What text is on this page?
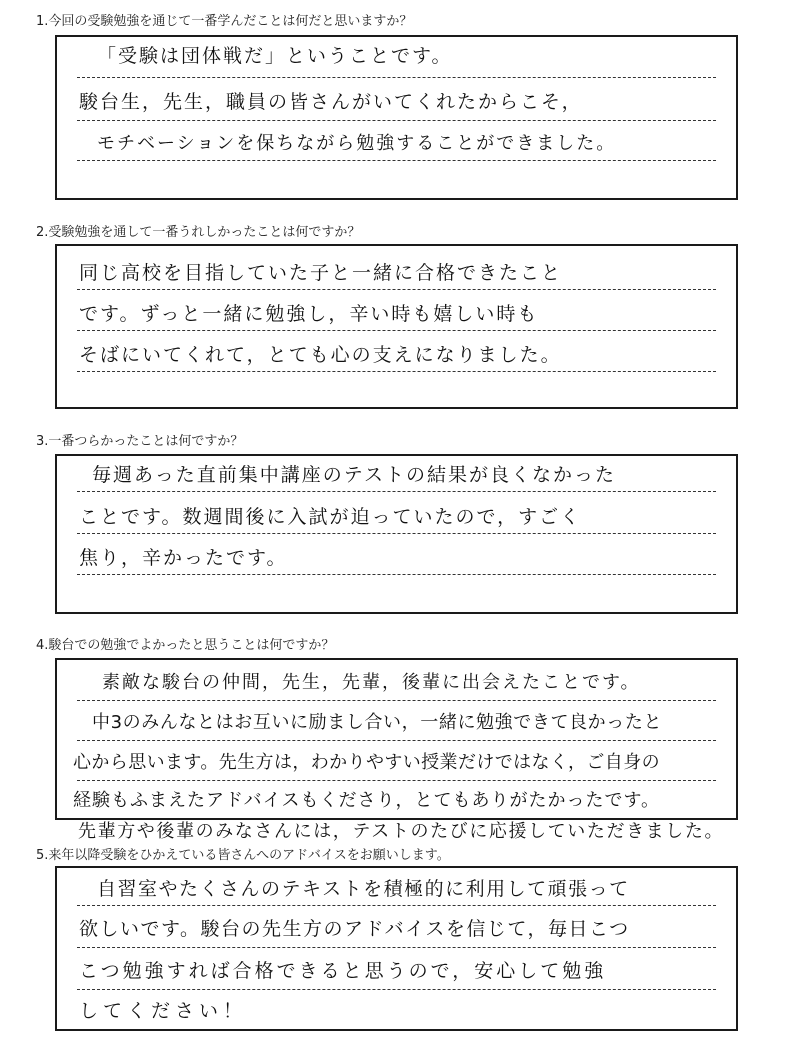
1.今回の受験勉強を通じて一番学んだことは何だと思いますか？
「受験は団体戦だ」ということです。
駿台生，先生，職員の皆さんがいてくれたからこそ，
モチベーションを保ちながら勉強することができました。
2.受験勉強を通して一番うれしかったことは何ですか？
同じ高校を目指していた子と一緒に合格できたこと
です。ずっと一緒に勉強し，辛い時も嬉しい時も
そばにいてくれて，とても心の支えになりました。
3.一番つらかったことは何ですか？
毎週あった直前集中講座のテストの結果が良くなかった
ことです。数週間後に入試が迫っていたので，すごく
焦り，辛かったです。
4.駿台での勉強でよかったと思うことは何ですか？
素敵な駿台の仲間，先生，先輩，後輩に出会えたことです。
中3のみんなとはお互いに励まし合い，一緒に勉強できて良かったと
心から思います。先生方は，わかりやすい授業だけではなく，ご自身の
経験もふまえたアドバイスもくださり，とてもありがたかったです。
先輩方や後輩のみなさんには，テストのたびに応援していただきました。
5.来年以降受験をひかえている皆さんへのアドバイスをお願いします。
自習室やたくさんのテキストを積極的に利用して頑張って
欲しいです。駿台の先生方のアドバイスを信じて，毎日こつ
こつ勉強すれば合格できると思うので，安心して勉強
してください！
